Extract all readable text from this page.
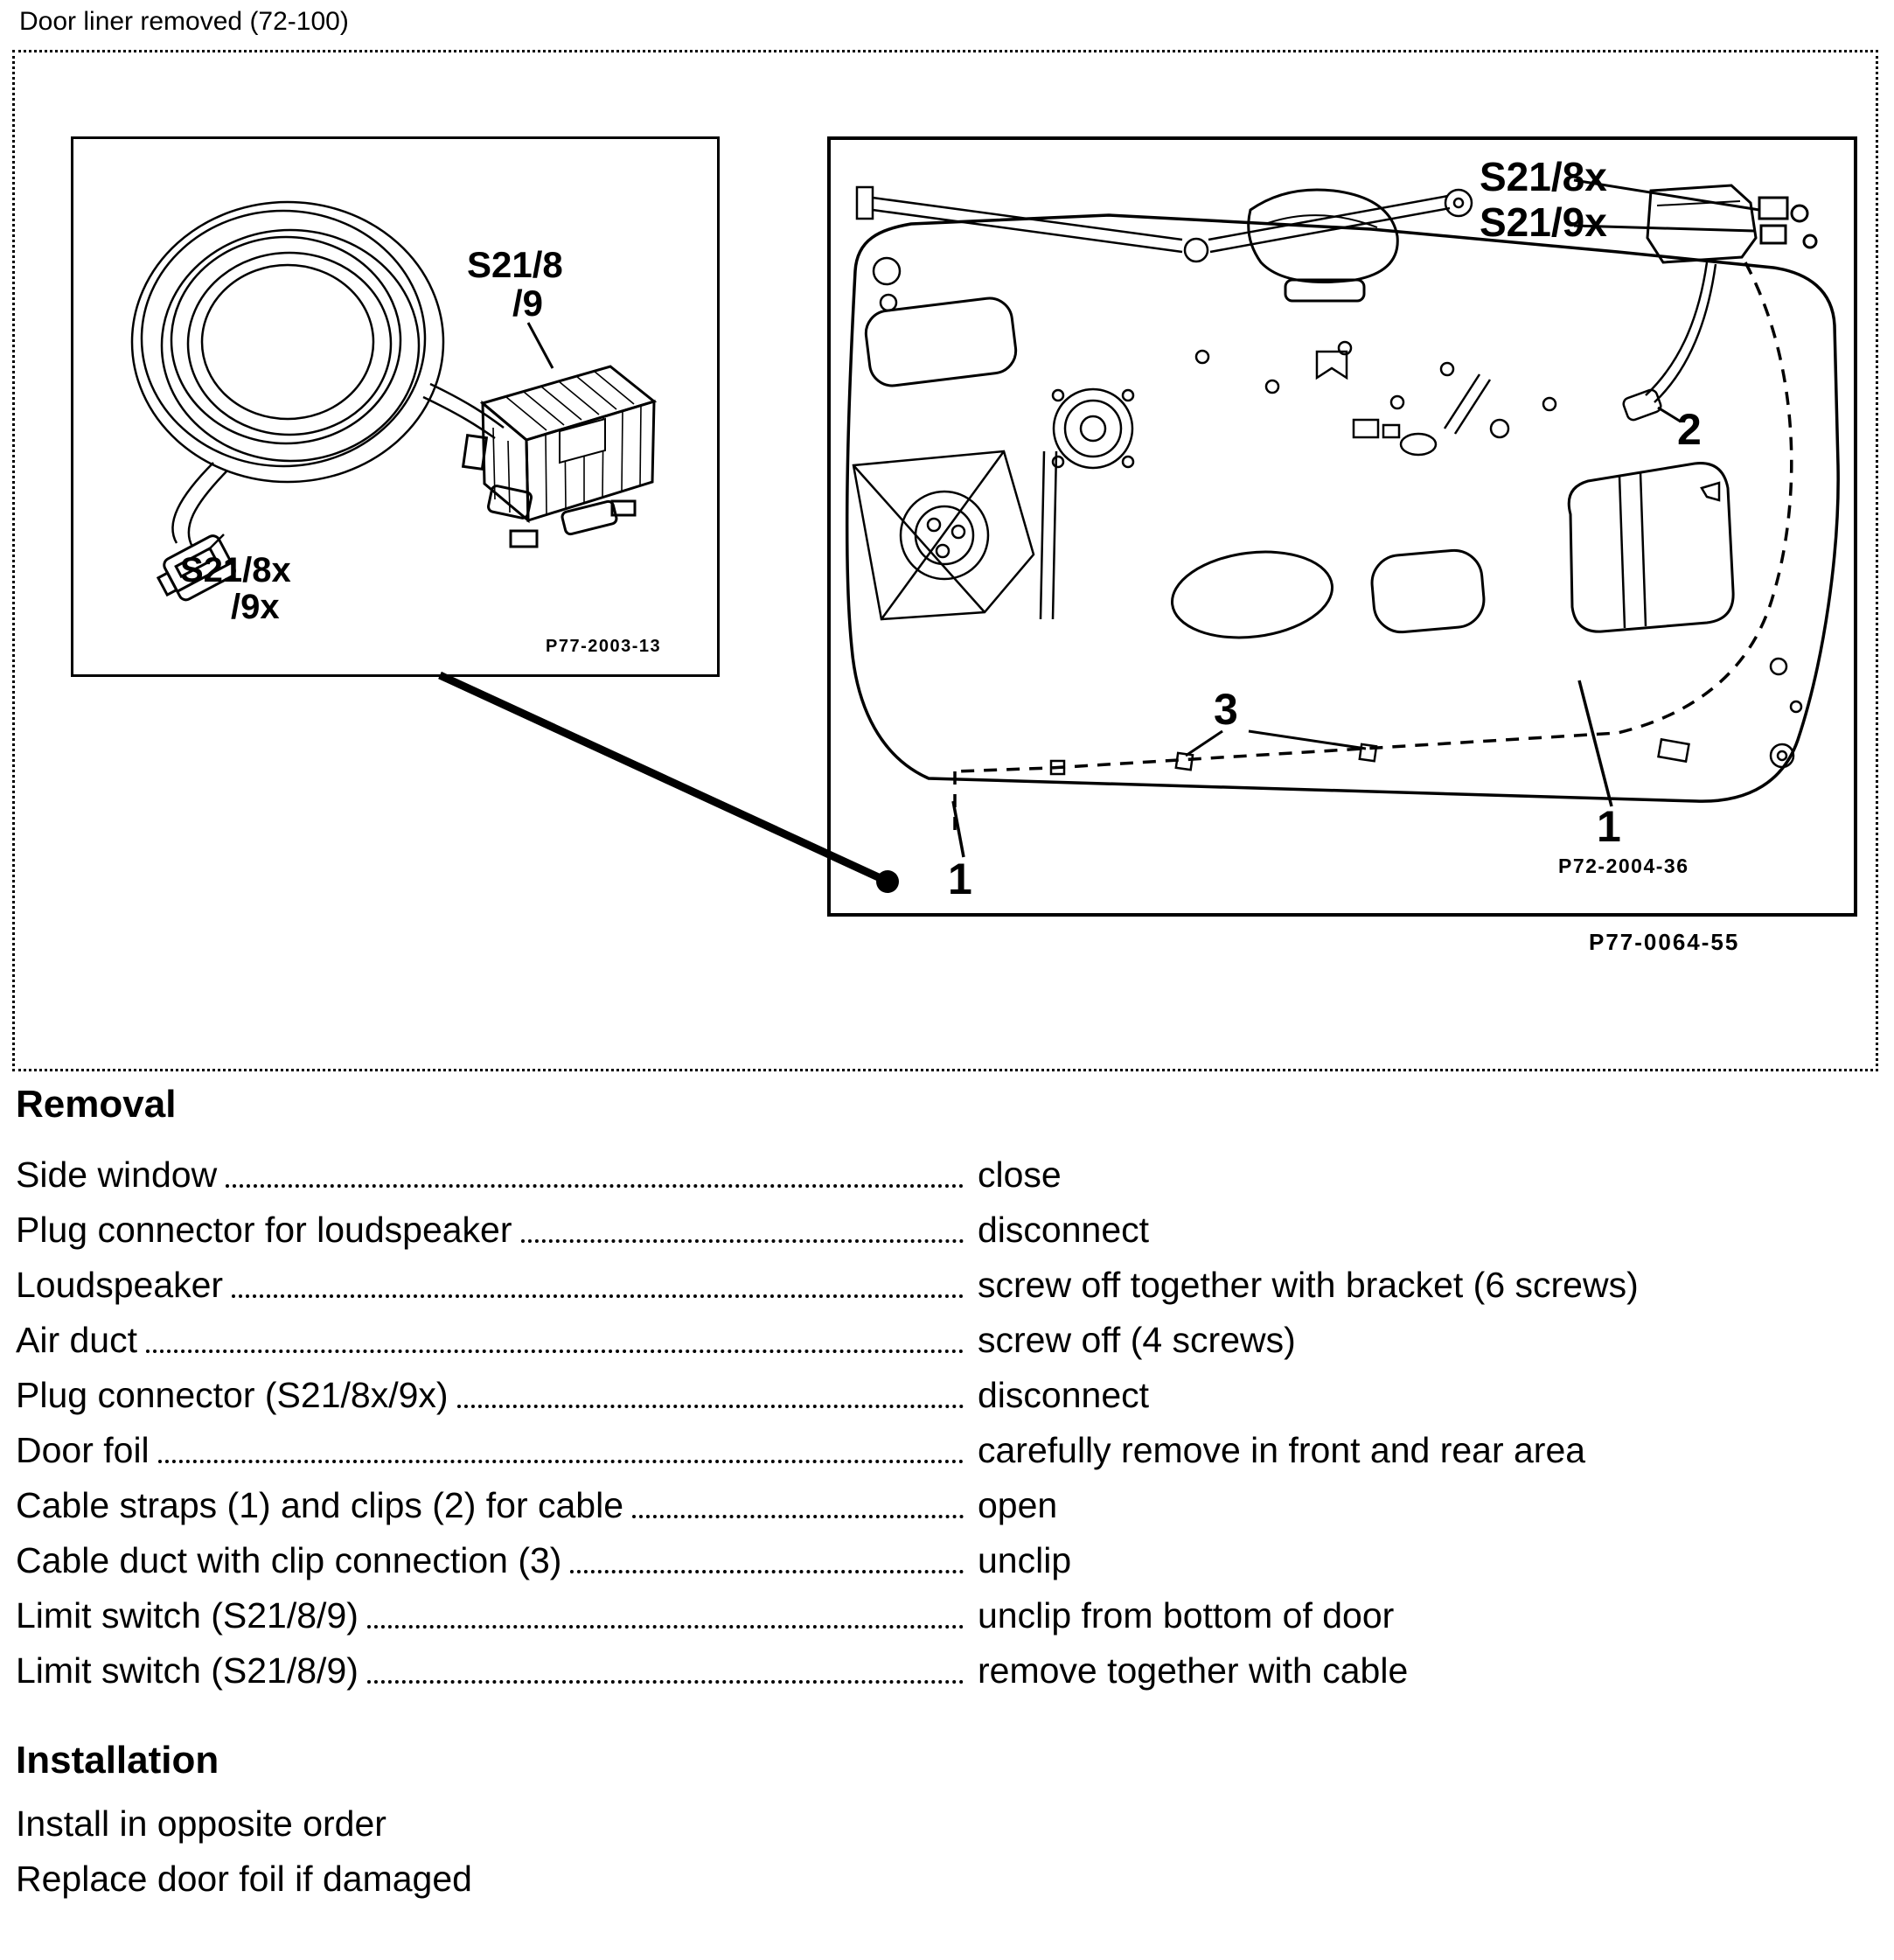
Door liner removed (72-100)
S21/8
/9
S21/8x
/9x
P77-2003-13
S21/8x
S21/9x
2
3
1
1	P72-2004-36
P77-0064-55
Removal
Side window	close
Plug connector for loudspeaker	disconnect
Loudspeaker	screw off together with bracket (6 screws)
Air duct	screw off (4 screws)
Plug connector (S21/8x/9x)	disconnect
Door foil	carefully remove in front and rear area
Cable straps (1) and clips (2) for cable	open
Cable duct with clip connection (3)	unclip
Limit switch (S21/8/9)	unclip from bottom of door
Limit switch (S21/8/9)	remove together with cable
Installation
Install in opposite order
Replace door foil if damaged
